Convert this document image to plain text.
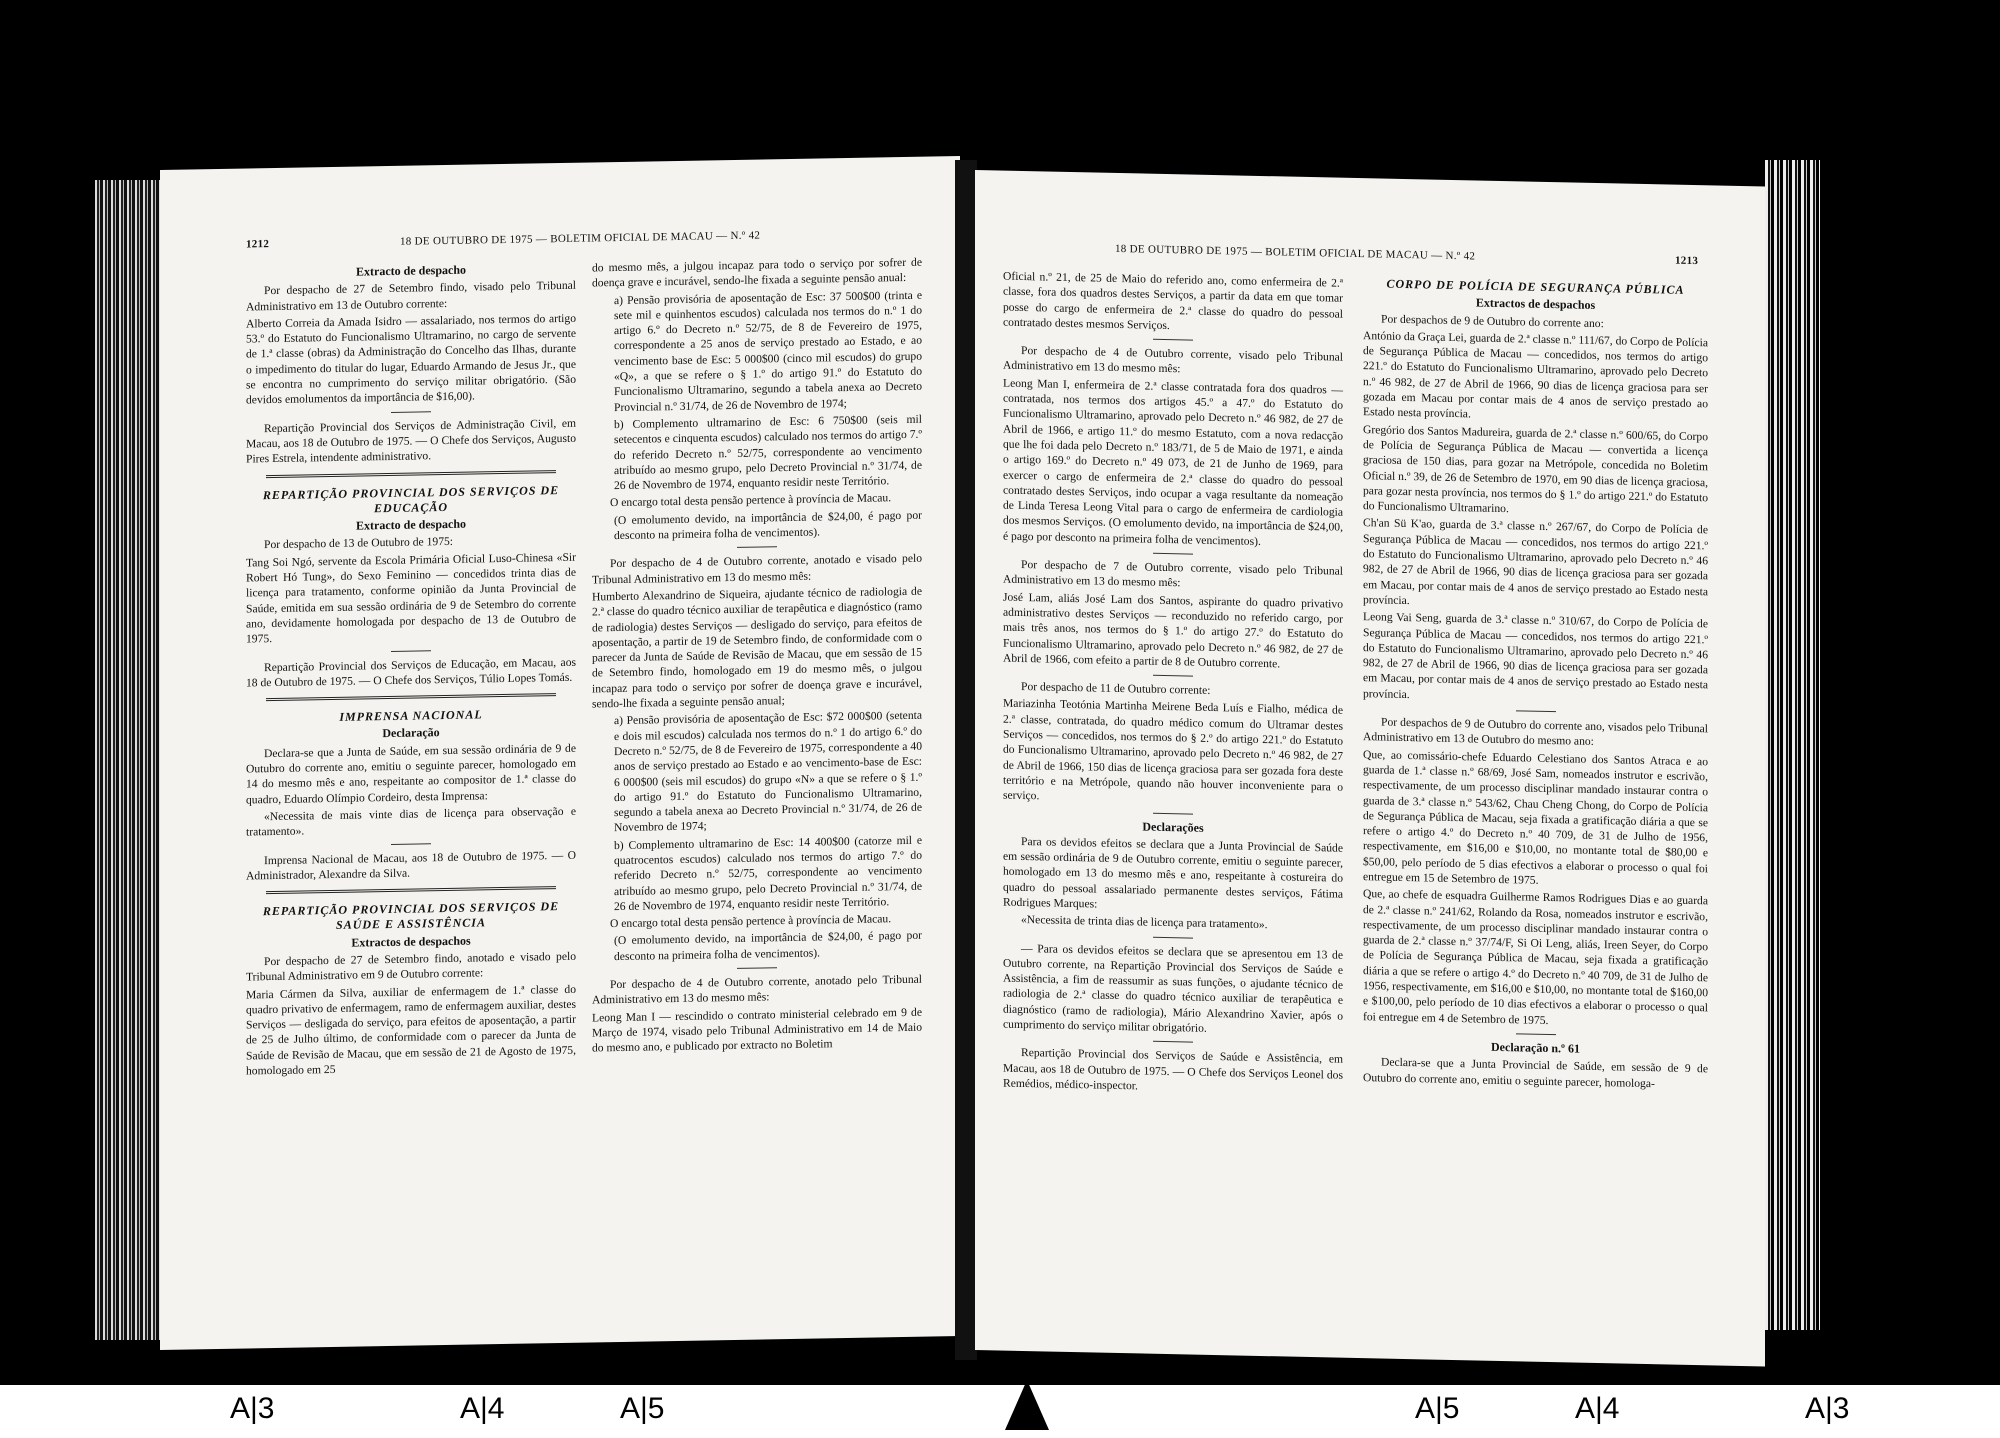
1212	18 DE OUTUBRO DE 1975 — BOLETIM OFICIAL DE MACAU — N.º 42

Extracto de despacho

Por despacho de 27 de Setembro findo, visado pelo Tribunal Administrativo em 13 de Outubro corrente:

Alberto Correia da Amada Isidro — assalariado, nos termos do artigo 53.º do Estatuto do Funcionalismo Ultramarino, no cargo de servente de 1.ª classe (obras) da Administração do Concelho das Ilhas, durante o impedimento do titular do lugar, Eduardo Armando de Jesus Jr., que se encontra no cumprimento do serviço militar obrigatório. (São devidos emolumentos da importância de $16,00).

Repartição Provincial dos Serviços de Administração Civil, em Macau, aos 18 de Outubro de 1975. — O Chefe dos Serviços, Augusto Pires Estrela, intendente administrativo.

REPARTIÇÃO PROVINCIAL DOS SERVIÇOS DE EDUCAÇÃO

Extracto de despacho

Por despacho de 13 de Outubro de 1975:

Tang Soi Ngó, servente da Escola Primária Oficial Luso-Chinesa «Sir Robert Hó Tung», do Sexo Feminino — concedidos trinta dias de licença para tratamento, conforme opinião da Junta Provincial de Saúde, emitida em sua sessão ordinária de 9 de Setembro do corrente ano, devidamente homologada por despacho de 13 de Outubro de 1975.

Repartição Provincial dos Serviços de Educação, em Macau, aos 18 de Outubro de 1975. — O Chefe dos Serviços, Túlio Lopes Tomás.

IMPRENSA NACIONAL

Declaração

Declara-se que a Junta de Saúde, em sua sessão ordinária de 9 de Outubro do corrente ano, emitiu o seguinte parecer, homologado em 14 do mesmo mês e ano, respeitante ao compositor de 1.ª classe do quadro, Eduardo Olímpio Cordeiro, desta Imprensa:

«Necessita de mais vinte dias de licença para observação e tratamento».

Imprensa Nacional de Macau, aos 18 de Outubro de 1975. — O Administrador, Alexandre da Silva.

REPARTIÇÃO PROVINCIAL DOS SERVIÇOS DE SAÚDE E ASSISTÊNCIA

Extractos de despachos

Por despacho de 27 de Setembro findo, anotado e visado pelo Tribunal Administrativo em 9 de Outubro corrente:

Maria Cármen da Silva, auxiliar de enfermagem de 1.ª classe do quadro privativo de enfermagem, ramo de enfermagem auxiliar, destes Serviços — desligada do serviço, para efeitos de aposentação, a partir de 25 de Julho último, de conformidade com o parecer da Junta de Saúde de Revisão de Macau, que em sessão de 21 de Agosto de 1975, homologado em 25

do mesmo mês, a julgou incapaz para todo o serviço por sofrer de doença grave e incurável, sendo-lhe fixada a seguinte pensão anual:

a) Pensão provisória de aposentação de Esc: 37 500$00 (trinta e sete mil e quinhentos escudos) calculada nos termos do n.º 1 do artigo 6.º do Decreto n.º 52/75, de 8 de Fevereiro de 1975, correspondente a 25 anos de serviço prestado ao Estado, e ao vencimento base de Esc: 5 000$00 (cinco mil escudos) do grupo «Q», a que se refere o § 1.º do artigo 91.º do Estatuto do Funcionalismo Ultramarino, segundo a tabela anexa ao Decreto Provincial n.º 31/74, de 26 de Novembro de 1974;

b) Complemento ultramarino de Esc: 6 750$00 (seis mil setecentos e cinquenta escudos) calculado nos termos do artigo 7.º do referido Decreto n.º 52/75, correspondente ao vencimento atribuído ao mesmo grupo, pelo Decreto Provincial n.º 31/74, de 26 de Novembro de 1974, enquanto residir neste Território.

O encargo total desta pensão pertence à província de Macau.

(O emolumento devido, na importância de $24,00, é pago por desconto na primeira folha de vencimentos).

Por despacho de 4 de Outubro corrente, anotado e visado pelo Tribunal Administrativo em 13 do mesmo mês:

Humberto Alexandrino de Siqueira, ajudante técnico de radiologia de 2.ª classe do quadro técnico auxiliar de terapêutica e diagnóstico (ramo de radiologia) destes Serviços — desligado do serviço, para efeitos de aposentação, a partir de 19 de Setembro findo, de conformidade com o parecer da Junta de Saúde de Revisão de Macau, que em sessão de 15 de Setembro findo, homologado em 19 do mesmo mês, o julgou incapaz para todo o serviço por sofrer de doença grave e incurável, sendo-lhe fixada a seguinte pensão anual;

a) Pensão provisória de aposentação de Esc: $72 000$00 (setenta e dois mil escudos) calculada nos termos do n.º 1 do artigo 6.º do Decreto n.º 52/75, de 8 de Fevereiro de 1975, correspondente a 40 anos de serviço prestado ao Estado e ao vencimento-base de Esc: 6 000$00 (seis mil escudos) do grupo «N» a que se refere o § 1.º do artigo 91.º do Estatuto do Funcionalismo Ultramarino, segundo a tabela anexa ao Decreto Provincial n.º 31/74, de 26 de Novembro de 1974;

b) Complemento ultramarino de Esc: 14 400$00 (catorze mil e quatrocentos escudos) calculado nos termos do artigo 7.º do referido Decreto n.º 52/75, correspondente ao vencimento atribuído ao mesmo grupo, pelo Decreto Provincial n.º 31/74, de 26 de Novembro de 1974, enquanto residir neste Território.

O encargo total desta pensão pertence à província de Macau.

(O emolumento devido, na importância de $24,00, é pago por desconto na primeira folha de vencimentos).

Por despacho de 4 de Outubro corrente, anotado pelo Tribunal Administrativo em 13 do mesmo mês:

Leong Man I — rescindido o contrato ministerial celebrado em 9 de Março de 1974, visado pelo Tribunal Administrativo em 14 de Maio do mesmo ano, e publicado por extracto no Boletim

18 DE OUTUBRO DE 1975 — BOLETIM OFICIAL DE MACAU — N.º 42	1213

Oficial n.º 21, de 25 de Maio do referido ano, como enfermeira de 2.ª classe, fora dos quadros destes Serviços, a partir da data em que tomar posse do cargo de enfermeira de 2.ª classe do quadro do pessoal contratado destes mesmos Serviços.

Por despacho de 4 de Outubro corrente, visado pelo Tribunal Administrativo em 13 do mesmo mês:

Leong Man I, enfermeira de 2.ª classe contratada fora dos quadros — contratada, nos termos dos artigos 45.º a 47.º do Estatuto do Funcionalismo Ultramarino, aprovado pelo Decreto n.º 46 982, de 27 de Abril de 1966, e artigo 11.º do mesmo Estatuto, com a nova redacção que lhe foi dada pelo Decreto n.º 183/71, de 5 de Maio de 1971, e ainda o artigo 169.º do Decreto n.º 49 073, de 21 de Junho de 1969, para exercer o cargo de enfermeira de 2.ª classe do quadro do pessoal contratado destes Serviços, indo ocupar a vaga resultante da nomeação de Linda Teresa Leong Vital para o cargo de enfermeira de cardiologia dos mesmos Serviços. (O emolumento devido, na importância de $24,00, é pago por desconto na primeira folha de vencimentos).

Por despacho de 7 de Outubro corrente, visado pelo Tribunal Administrativo em 13 do mesmo mês:

José Lam, aliás José Lam dos Santos, aspirante do quadro privativo administrativo destes Serviços — reconduzido no referido cargo, por mais três anos, nos termos do § 1.º do artigo 27.º do Estatuto do Funcionalismo Ultramarino, aprovado pelo Decreto n.º 46 982, de 27 de Abril de 1966, com efeito a partir de 8 de Outubro corrente.

Por despacho de 11 de Outubro corrente:

Mariazinha Teotónia Martinha Meirene Beda Luís e Fialho, médica de 2.ª classe, contratada, do quadro médico comum do Ultramar destes Serviços — concedidos, nos termos do § 2.º do artigo 221.º do Estatuto do Funcionalismo Ultramarino, aprovado pelo Decreto n.º 46 982, de 27 de Abril de 1966, 150 dias de licença graciosa para ser gozada fora deste território e na Metrópole, quando não houver inconveniente para o serviço.

Declarações

Para os devidos efeitos se declara que a Junta Provincial de Saúde em sessão ordinária de 9 de Outubro corrente, emitiu o seguinte parecer, homologado em 13 do mesmo mês e ano, respeitante à costureira do quadro do pessoal assalariado permanente destes serviços, Fátima Rodrigues Marques:

«Necessita de trinta dias de licença para tratamento».

— Para os devidos efeitos se declara que se apresentou em 13 de Outubro corrente, na Repartição Provincial dos Serviços de Saúde e Assistência, a fim de reassumir as suas funções, o ajudante técnico de radiologia de 2.ª classe do quadro técnico auxiliar de terapêutica e diagnóstico (ramo de radiologia), Mário Alexandrino Xavier, após o cumprimento do serviço militar obrigatório.

Repartição Provincial dos Serviços de Saúde e Assistência, em Macau, aos 18 de Outubro de 1975. — O Chefe dos Serviços Leonel dos Remédios, médico-inspector.

CORPO DE POLÍCIA DE SEGURANÇA PÚBLICA

Extractos de despachos

Por despachos de 9 de Outubro do corrente ano:

António da Graça Lei, guarda de 2.ª classe n.º 111/67, do Corpo de Polícia de Segurança Pública de Macau — concedidos, nos termos do artigo 221.º do Estatuto do Funcionalismo Ultramarino, aprovado pelo Decreto n.º 46 982, de 27 de Abril de 1966, 90 dias de licença graciosa para ser gozada em Macau por contar mais de 4 anos de serviço prestado ao Estado nesta província.

Gregório dos Santos Madureira, guarda de 2.ª classe n.º 600/65, do Corpo de Polícia de Segurança Pública de Macau — convertida a licença graciosa de 150 dias, para gozar na Metrópole, concedida no Boletim Oficial n.º 39, de 26 de Setembro de 1970, em 90 dias de licença graciosa, para gozar nesta província, nos termos do § 1.º do artigo 221.º do Estatuto do Funcionalismo Ultramarino.

Ch'an Sü K'ao, guarda de 3.ª classe n.º 267/67, do Corpo de Polícia de Segurança Pública de Macau — concedidos, nos termos do artigo 221.º do Estatuto do Funcionalismo Ultramarino, aprovado pelo Decreto n.º 46 982, de 27 de Abril de 1966, 90 dias de licença graciosa para ser gozada em Macau, por contar mais de 4 anos de serviço prestado ao Estado nesta província.

Leong Vai Seng, guarda de 3.ª classe n.º 310/67, do Corpo de Polícia de Segurança Pública de Macau — concedidos, nos termos do artigo 221.º do Estatuto do Funcionalismo Ultramarino, aprovado pelo Decreto n.º 46 982, de 27 de Abril de 1966, 90 dias de licença graciosa para ser gozada em Macau, por contar mais de 4 anos de serviço prestado ao Estado nesta província.

Por despachos de 9 de Outubro do corrente ano, visados pelo Tribunal Administrativo em 13 de Outubro do mesmo ano:

Que, ao comissário-chefe Eduardo Celestiano dos Santos Atraca e ao guarda de 1.ª classe n.º 68/69, José Sam, nomeados instrutor e escrivão, respectivamente, de um processo disciplinar mandado instaurar contra o guarda de 3.ª classe n.º 543/62, Chau Cheng Chong, do Corpo de Polícia de Segurança Pública de Macau, seja fixada a gratificação diária a que se refere o artigo 4.º do Decreto n.º 40 709, de 31 de Julho de 1956, respectivamente, em $16,00 e $10,00, no montante total de $80,00 e $50,00, pelo período de 5 dias efectivos a elaborar o processo o qual foi entregue em 15 de Setembro de 1975.

Que, ao chefe de esquadra Guilherme Ramos Rodrigues Dias e ao guarda de 2.ª classe n.º 241/62, Rolando da Rosa, nomeados instrutor e escrivão, respectivamente, de um processo disciplinar mandado instaurar contra o guarda de 2.ª classe n.º 37/74/F, Si Oi Leng, aliás, Ireen Seyer, do Corpo de Polícia de Segurança Pública de Macau, seja fixada a gratificação diária a que se refere o artigo 4.º do Decreto n.º 40 709, de 31 de Julho de 1956, respectivamente, em $16,00 e $10,00, no montante total de $160,00 e $100,00, pelo período de 10 dias efectivos a elaborar o processo o qual foi entregue em 4 de Setembro de 1975.

Declaração n.º 61

Declara-se que a Junta Provincial de Saúde, em sessão de 9 de Outubro do corrente ano, emitiu o seguinte parecer, homologa-

A|3	A|4	A|5	A|5	A|4	A|3
